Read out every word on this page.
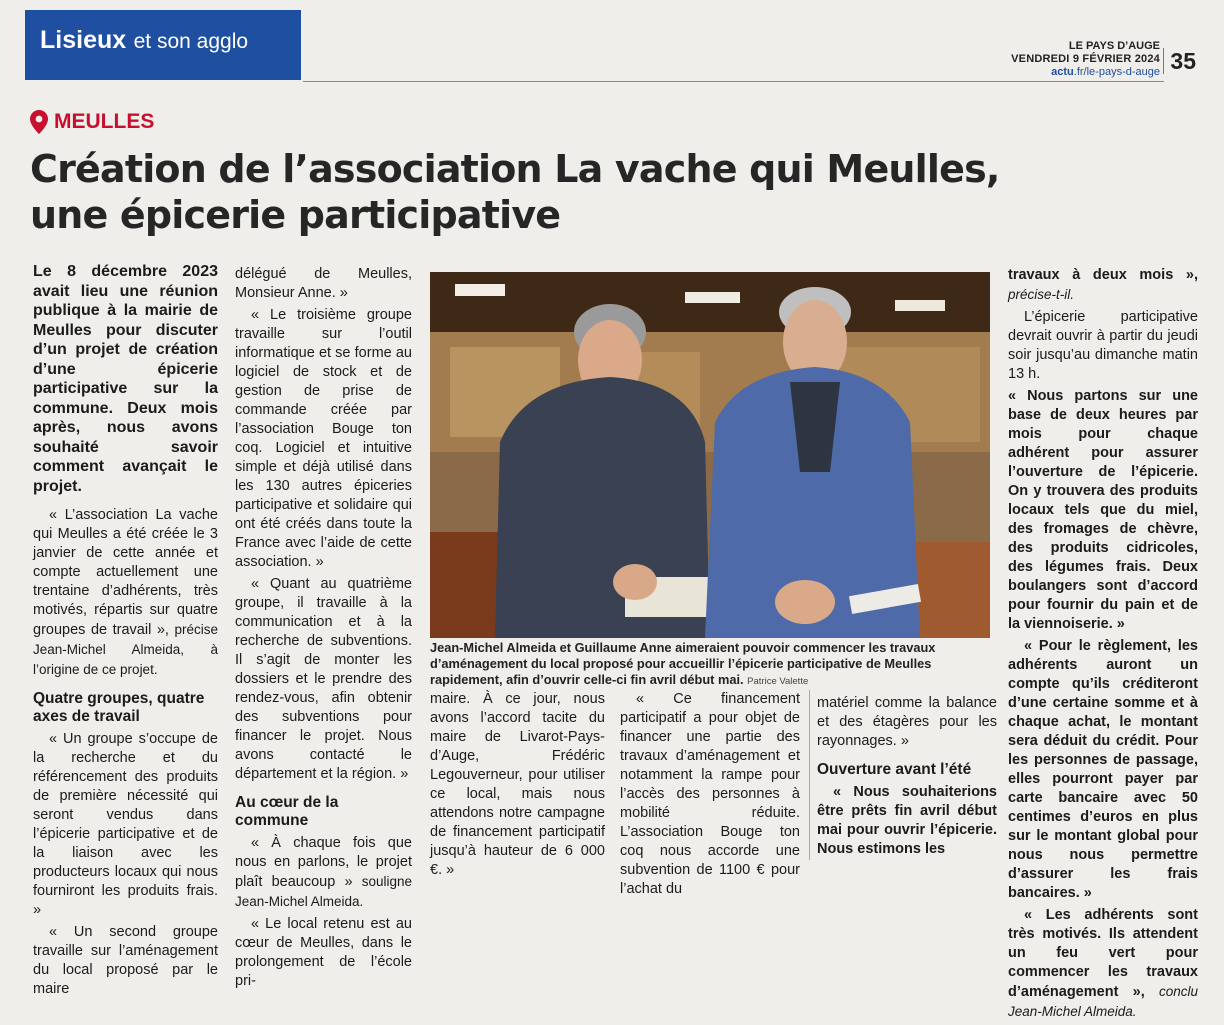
Lisieux et son agglo	LE PAYS D’AUGE
VENDREDI 9 FÉVRIER 2024
actu.fr/le-pays-d-auge 35
MEULLES
Création de l’association La vache qui Meulles,
une épicerie participative

Le 8 décembre 2023 avait lieu une réunion publique à la mairie de Meulles pour discuter d’un projet de création d’une épicerie participative sur la commune. Deux mois après, nous avons souhaité savoir comment avançait le projet.

« L’association La vache qui Meulles a été créée le 3 janvier de cette année et compte actuellement une trentaine d’adhérents, très motivés, répartis sur quatre groupes de travail », précise Jean-Michel Almeida, à l’origine de ce projet.

Quatre groupes, quatre axes de travail

« Un groupe s’occupe de la recherche et du référencement des produits de première nécessité qui seront vendus dans l’épicerie participative et de la liaison avec les producteurs locaux qui nous fourniront les produits frais. »

« Un second groupe travaille sur l’aménagement du local proposé par le maire

délégué de Meulles, Monsieur Anne. »

« Le troisième groupe travaille sur l’outil informatique et se forme au logiciel de stock et de gestion de prise de commande créée par l’association Bouge ton coq. Logiciel et intuitive simple et déjà utilisé dans les 130 autres épiceries participative et solidaire qui ont été créés dans toute la France avec l’aide de cette association. »

« Quant au quatrième groupe, il travaille à la communication et à la recherche de subventions. Il s’agit de monter les dossiers et le prendre des rendez-vous, afin obtenir des subventions pour financer le projet. Nous avons contacté le département et la région. »

Au cœur de la commune

« À chaque fois que nous en parlons, le projet plaît beaucoup » souligne Jean-Michel Almeida.

« Le local retenu est au cœur de Meulles, dans le prolongement de l’école pri-

Jean-Michel Almeida et Guillaume Anne aimeraient pouvoir commencer les travaux d’aménagement du local proposé pour accueillir l’épicerie participative de Meulles rapidement, afin d’ouvrir celle-ci fin avril début mai. Patrice Valette

maire. À ce jour, nous avons l’accord tacite du maire de Livarot-Pays-d’Auge, Frédéric Legouverneur, pour utiliser ce local, mais nous attendons notre campagne de financement participatif jusqu’à hauteur de 6 000 €. »

« Ce financement participatif a pour objet de financer une partie des travaux d’aménagement et notamment la rampe pour l’accès des personnes à mobilité réduite. L’association Bouge ton coq nous accorde une subvention de 1100 € pour l’achat du

matériel comme la balance et des étagères pour les rayonnages. »

Ouverture avant l’été

« Nous souhaiterions être prêts fin avril début mai pour ouvrir l’épicerie. Nous estimons les

travaux à deux mois », précise-t-il.

L’épicerie participative devrait ouvrir à partir du jeudi soir jusqu’au dimanche matin 13 h.

« Nous partons sur une base de deux heures par mois pour chaque adhérent pour assurer l’ouverture de l’épicerie. On y trouvera des produits locaux tels que du miel, des fromages de chèvre, des produits cidricoles, des légumes frais. Deux boulangers sont d’accord pour fournir du pain et de la viennoiserie. »

« Pour le règlement, les adhérents auront un compte qu’ils créditeront d’une certaine somme et à chaque achat, le montant sera déduit du crédit. Pour les personnes de passage, elles pourront payer par carte bancaire avec 50 centimes d’euros en plus sur le montant global pour nous nous permettre d’assurer les frais bancaires. »

« Les adhérents sont très motivés. Ils attendent un feu vert pour commencer les travaux d’aménagement », conclu Jean-Michel Almeida.
